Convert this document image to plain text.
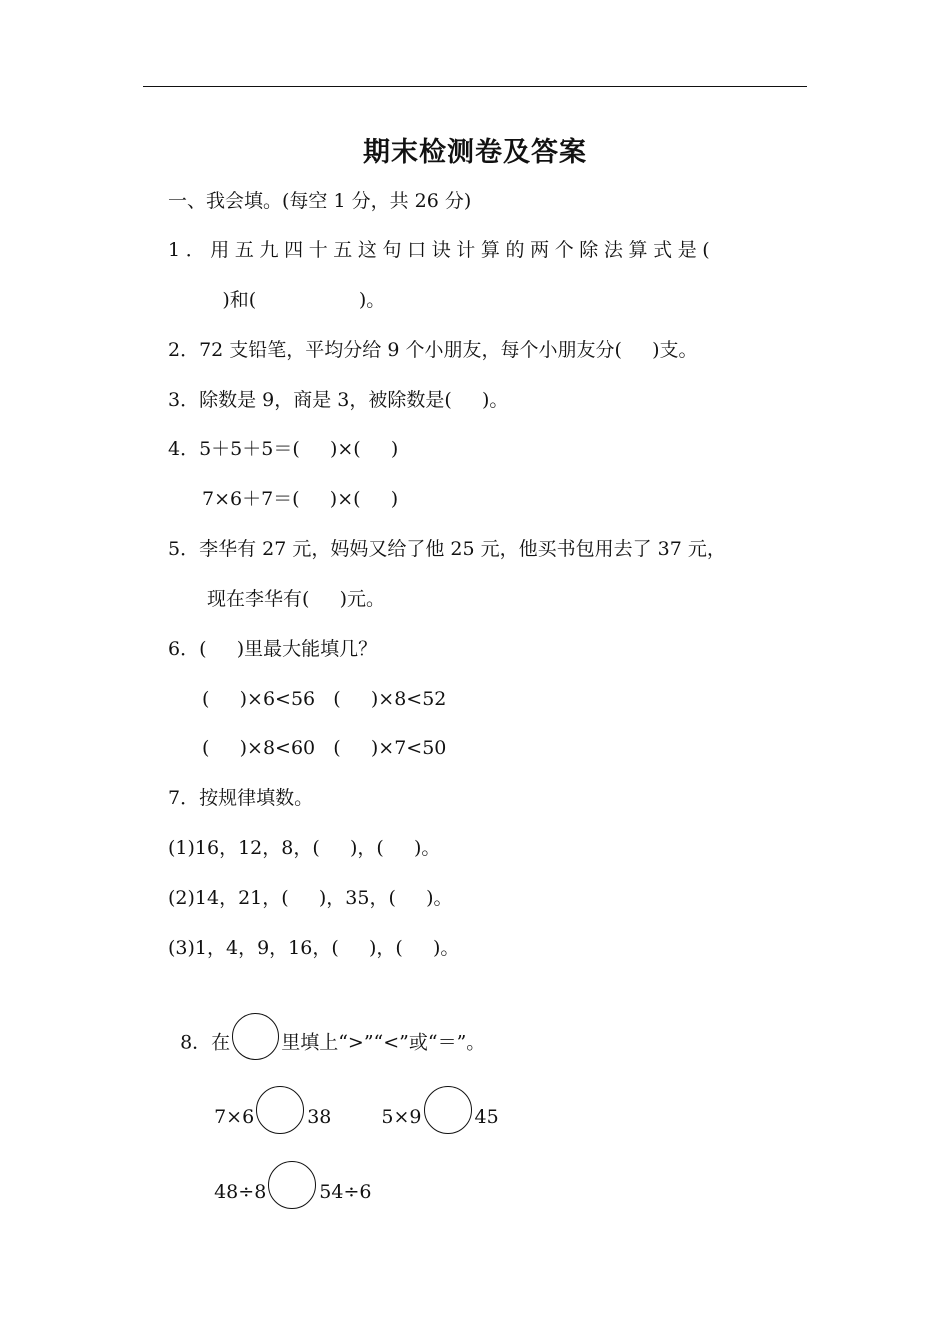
期末检测卷及答案
一、我会填。(每空 1 分，共 26 分)
1．用五九四十五这句口诀计算的两个除法算式是(
)和(                 )。
2．72 支铅笔，平均分给 9 个小朋友，每个小朋友分(     )支。
3．除数是 9，商是 3，被除数是(     )。
4．5＋5＋5＝(     )×(     )
7×6＋7＝(     )×(     )
5．李华有 27 元，妈妈又给了他 25 元，他买书包用去了 37 元，
现在李华有(     )元。
6．(     )里最大能填几？
(     )×6<56   (     )×8<52
(     )×8<60   (     )×7<50
7．按规律填数。
(1)16，12，8，(     )，(     )。
(2)14，21，(     )，35，(     )。
(3)1，4，9，16，(     )，(     )。

8．在	里填上“>”“<”或“＝”。

7×6	38	5×9	45

48÷8	54÷6
